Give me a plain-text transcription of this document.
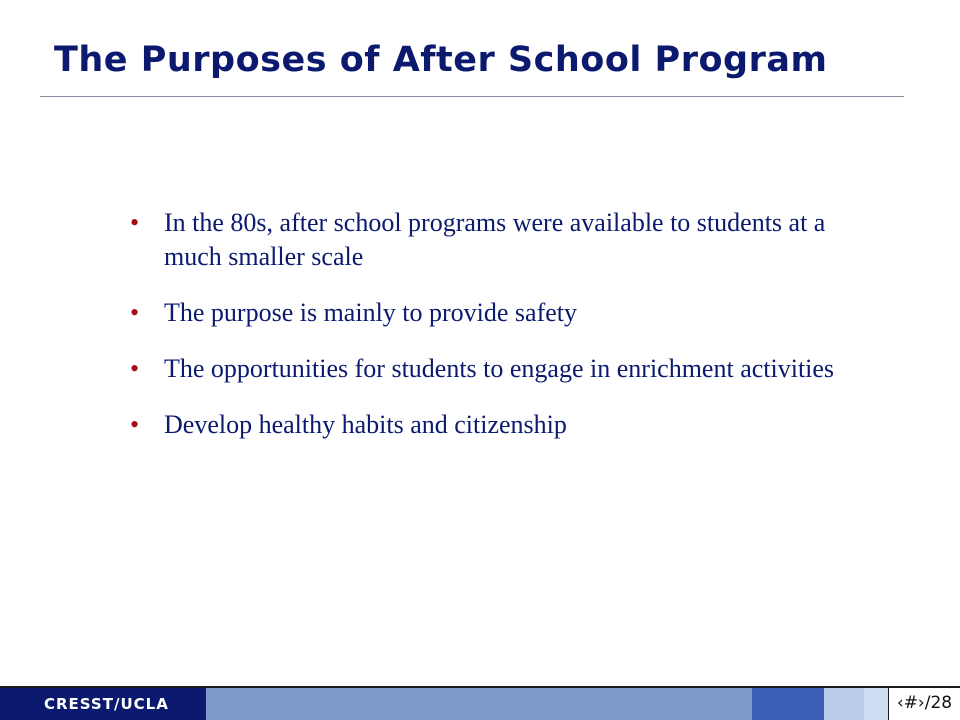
The Purposes of After School Program
• In the 80s, after school programs were available to students at a much smaller scale
• The purpose is mainly to provide safety
• The opportunities for students to engage in enrichment activities
• Develop healthy habits and citizenship
CRESST/UCLA	‹#›/28
